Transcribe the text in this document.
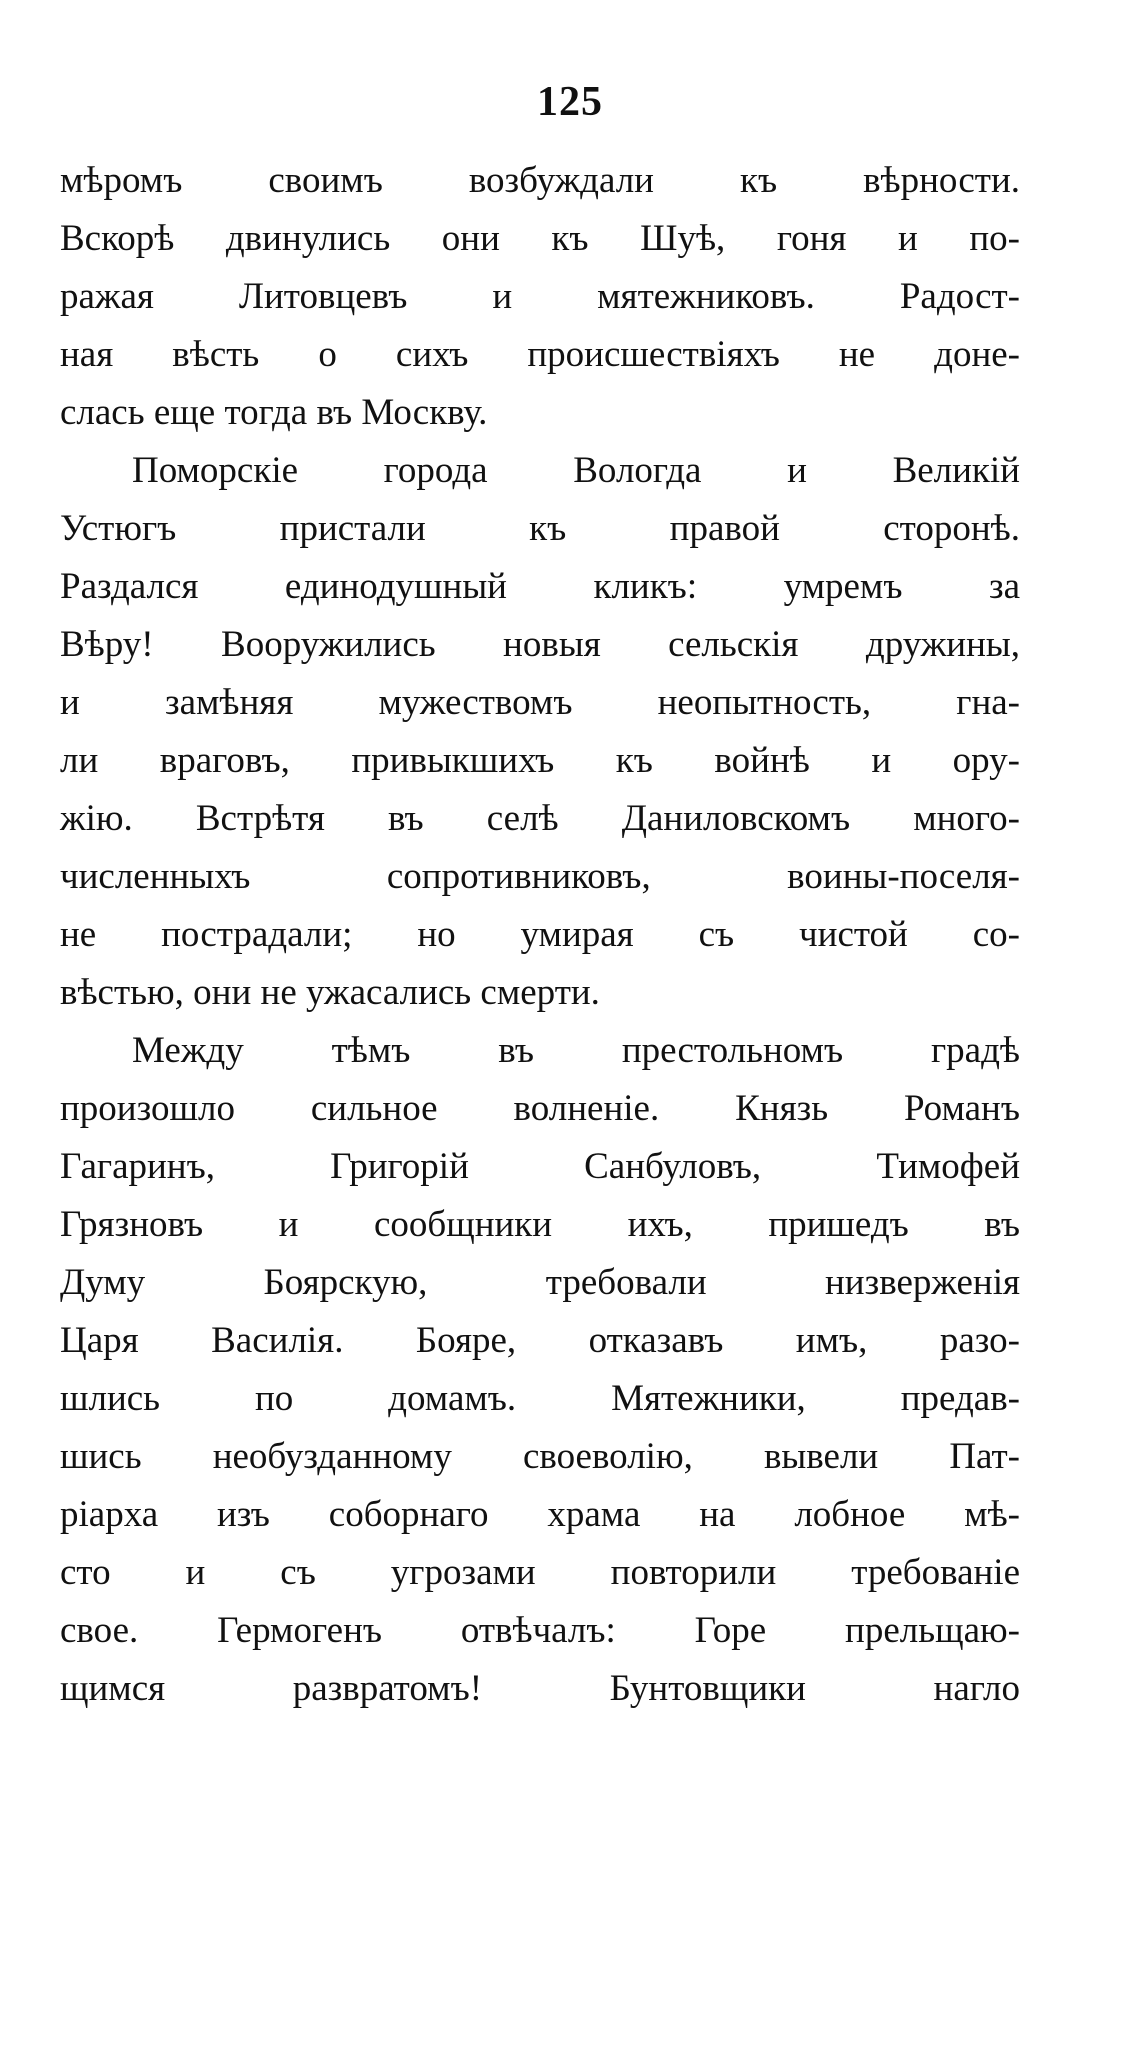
125
мѣромъ своимъ возбуждали къ вѣрности.
Вскорѣ двинулись они къ Шуѣ, гоня и по-
ражая Литовцевъ и мятежниковъ. Радост-
ная вѣсть о сихъ происшествіяхъ не донe-
слась еще тогда въ Москву.
Поморскіе города Вологда и Великій
Устюгъ пристали къ правой сторонѣ.
Раздался единодушный кликъ: умремъ за
Вѣру! Вооружились новыя сельскія дружины,
и замѣняя мужествомъ неопытность, гна-
ли враговъ, привыкшихъ къ войнѣ и ору-
жію. Встрѣтя въ селѣ Даниловскомъ много-
численныхъ сопротивниковъ, воины-поселя-
не пострадали; но умирая съ чистой со-
вѣстью, они не ужасались смерти.
Между тѣмъ въ престольномъ градѣ
произошло сильное волненіе. Князь Романъ
Гагаринъ, Григорій Санбуловъ, Тимофей
Грязновъ и сообщники ихъ, пришедъ въ
Думу Боярскую, требовали низверженія
Царя Василія. Бояре, отказавъ имъ, разо-
шлись по домамъ. Мятежники, предав-
шись необузданному своеволію, вывели Пат-
ріарха изъ соборнаго храма на лобное мѣ-
сто и съ угрозами повторили требованіе
свое. Гермогенъ отвѣчалъ: Горе прельщаю-
щимся развратомъ! Бунтовщики нагло
